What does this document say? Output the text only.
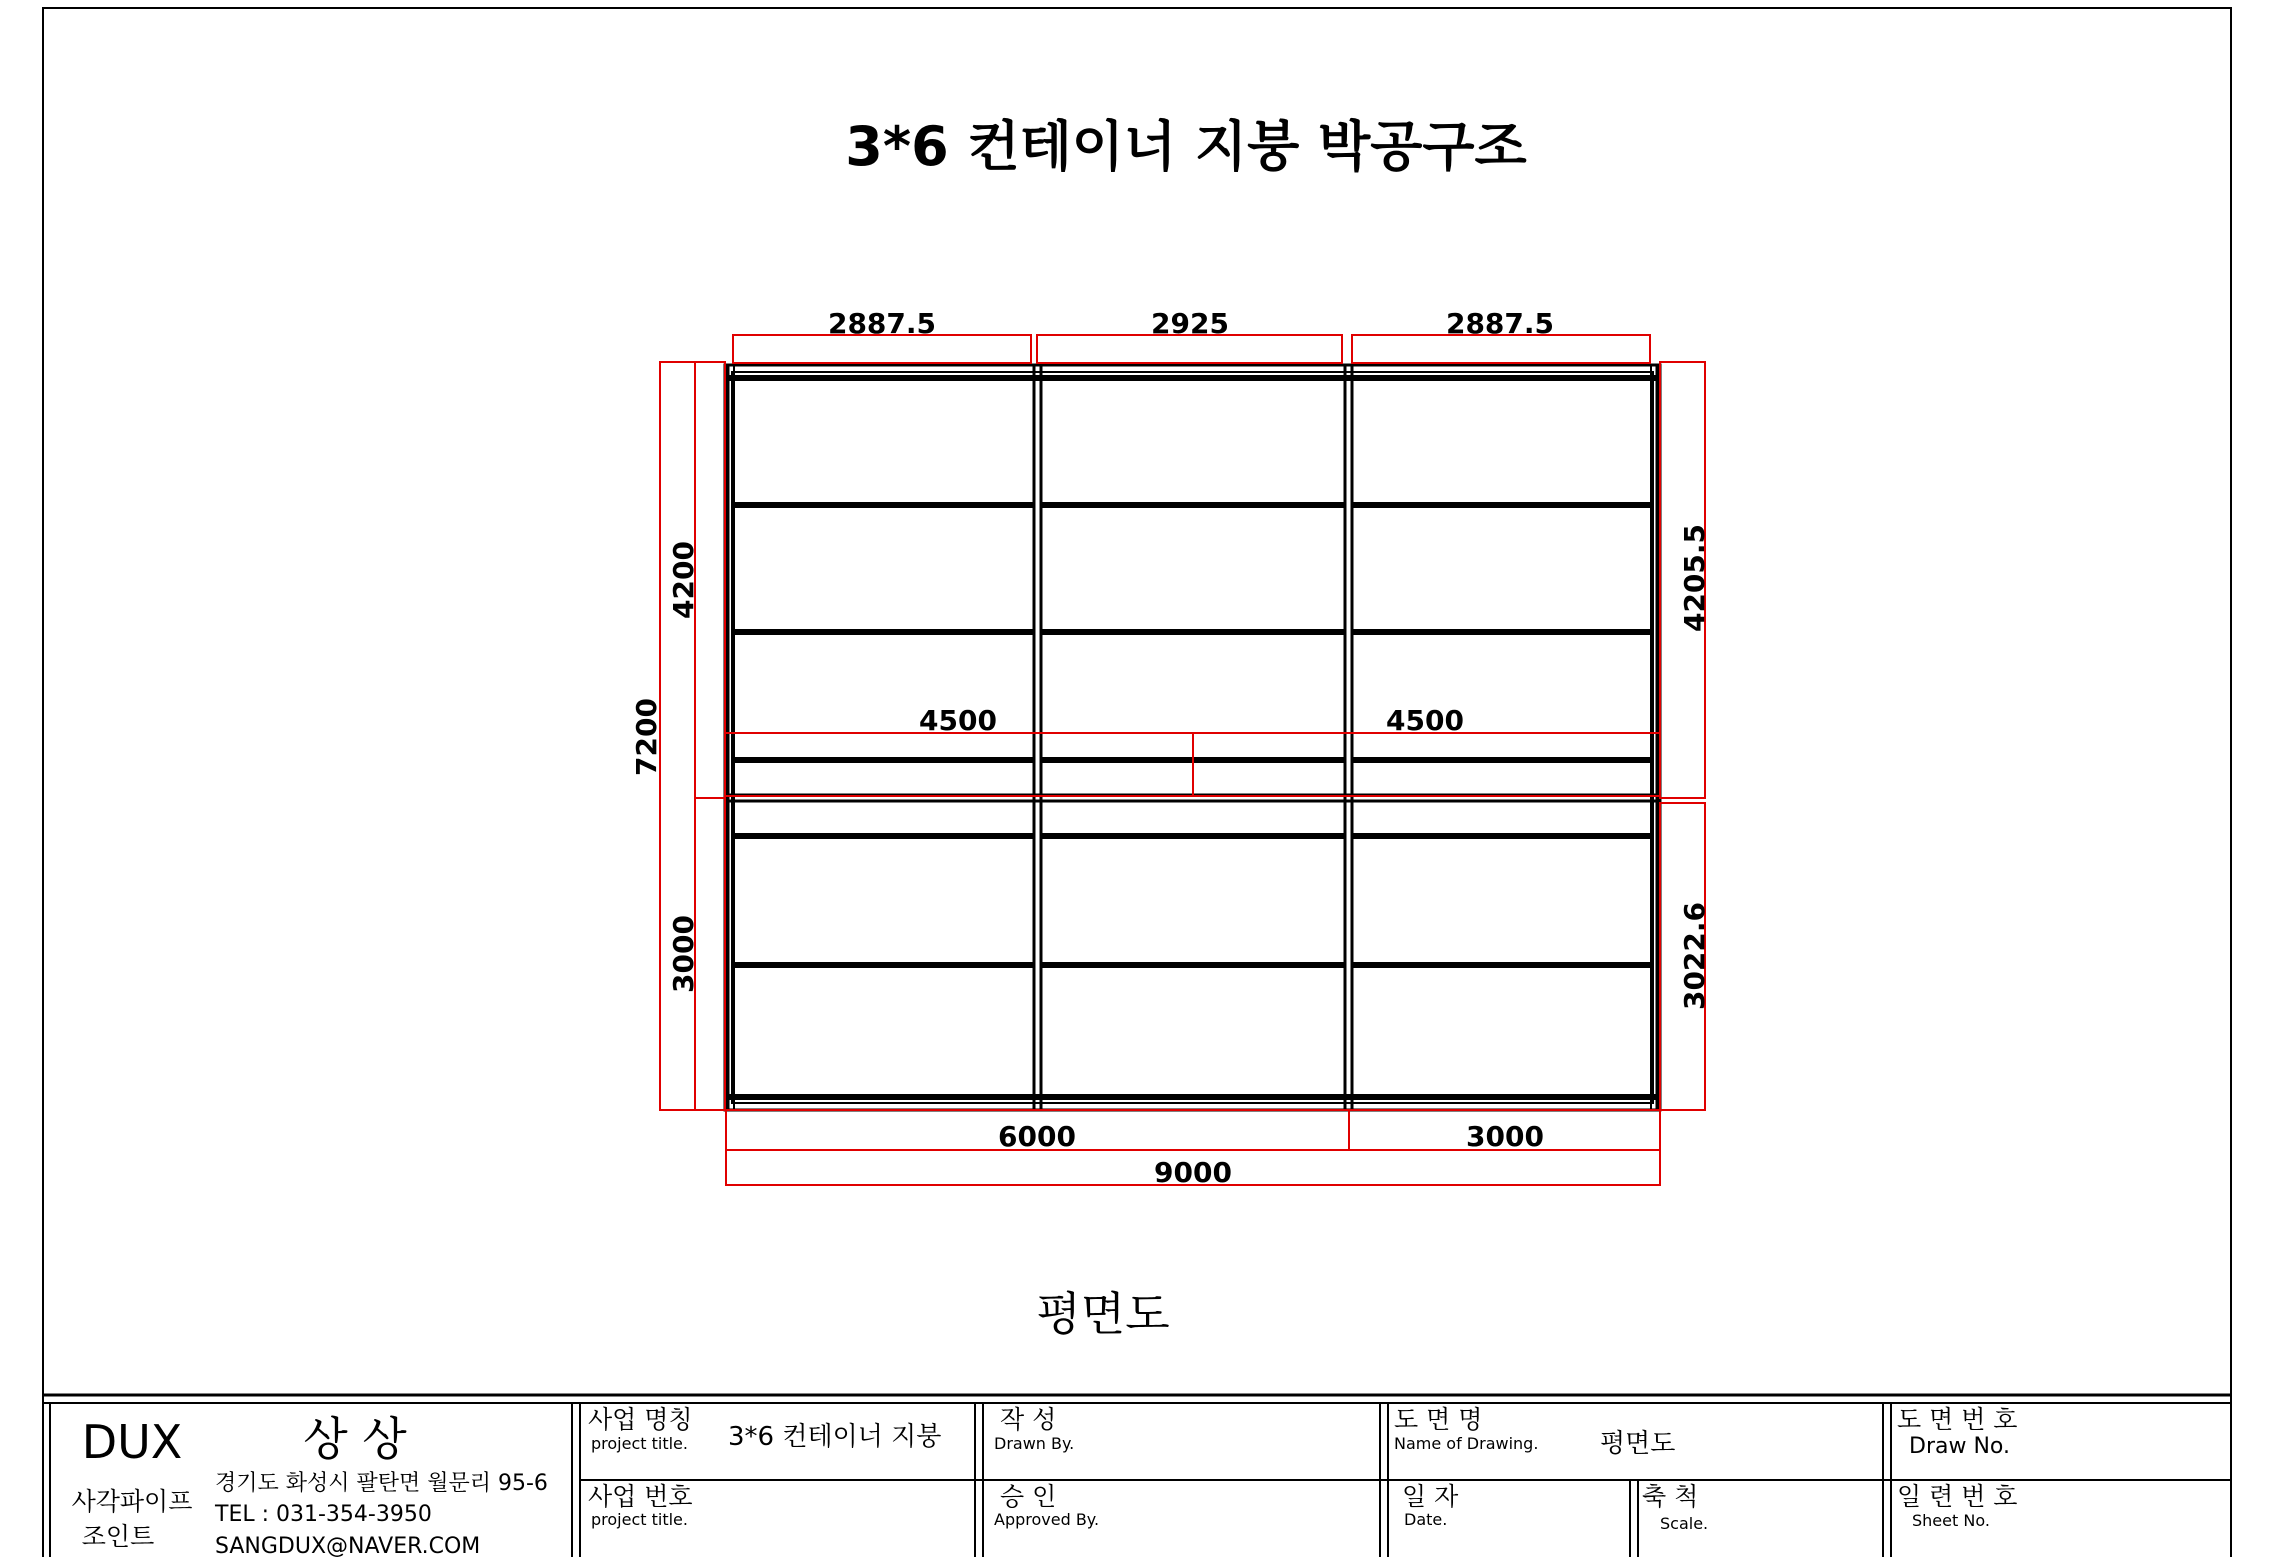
3*6 컨테이너 지붕 박공구조
2887.5	2925	2887.5
7200
4200
3000
4205.5
3022.6
4500	4500
6000	3000
9000
평면도
DUX	상 상
사각파이프
조인트
경기도 화성시 팔탄면 월문리 95-6
TEL : 031-354-3950
SANGDUX@NAVER.COM
사업 명칭
project title. 3*6 컨테이너 지붕
사업 번호
project title.
작 성
Drawn By.
승 인
Approved By.
도 면 명
Name of Drawing. 평면도
일 자
Date.
축 척
Scale.
도 면 번 호
Draw No.
일 련 번 호
Sheet No.
